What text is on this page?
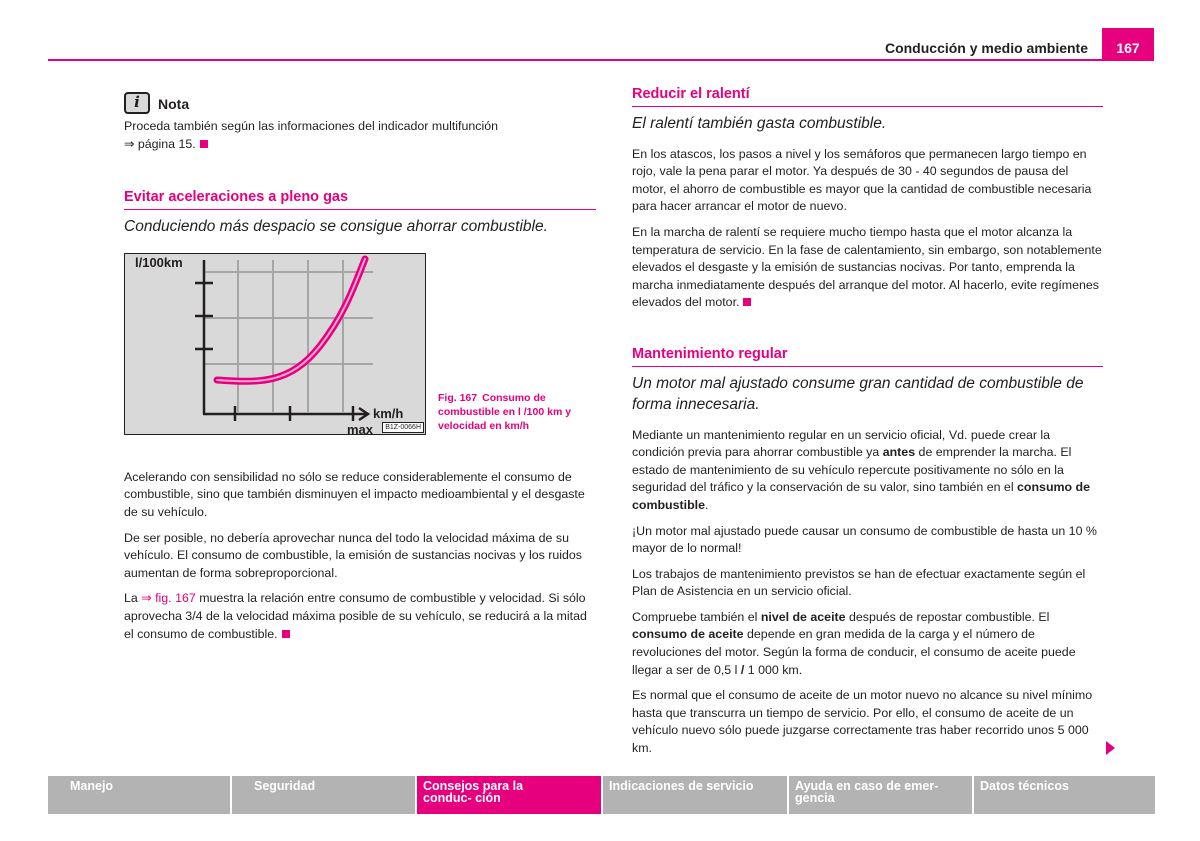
Conducción y medio ambiente	167
i	Nota
Proceda también según las informaciones del indicador multifunción
⇒ página 15.
Evitar aceleraciones a pleno gas
Conduciendo más despacio se consigue ahorrar combustible.
l/100km
km/h
max	B1Z-0066H
Fig. 167 Consumo de combustible en l /100 km y velocidad en km/h

Acelerando con sensibilidad no sólo se reduce considerablemente el consumo de combustible, sino que también disminuyen el impacto medioambiental y el desgaste de su vehículo.

De ser posible, no debería aprovechar nunca del todo la velocidad máxima de su vehículo. El consumo de combustible, la emisión de sustancias nocivas y los ruidos aumentan de forma sobreproporcional.

La ⇒ fig. 167 muestra la relación entre consumo de combustible y velocidad. Si sólo aprovecha 3/4 de la velocidad máxima posible de su vehículo, se reducirá a la mitad el consumo de combustible.

Reducir el ralentí
El ralentí también gasta combustible.

En los atascos, los pasos a nivel y los semáforos que permanecen largo tiempo en rojo, vale la pena parar el motor. Ya después de 30 - 40 segundos de pausa del motor, el ahorro de combustible es mayor que la cantidad de combustible necesaria para hacer arrancar el motor de nuevo.

En la marcha de ralentí se requiere mucho tiempo hasta que el motor alcanza la temperatura de servicio. En la fase de calentamiento, sin embargo, son notablemente elevados el desgaste y la emisión de sustancias nocivas. Por tanto, emprenda la marcha inmediatamente después del arranque del motor. Al hacerlo, evite regímenes elevados del motor.

Mantenimiento regular
Un motor mal ajustado consume gran cantidad de combustible de forma innecesaria.

Mediante un mantenimiento regular en un servicio oficial, Vd. puede crear la condición previa para ahorrar combustible ya antes de emprender la marcha. El estado de mantenimiento de su vehículo repercute positivamente no sólo en la seguridad del tráfico y la conservación de su valor, sino también en el consumo de combustible.

¡Un motor mal ajustado puede causar un consumo de combustible de hasta un 10 % mayor de lo normal!

Los trabajos de mantenimiento previstos se han de efectuar exactamente según el Plan de Asistencia en un servicio oficial.

Compruebe también el nivel de aceite después de repostar combustible. El consumo de aceite depende en gran medida de la carga y el número de revoluciones del motor. Según la forma de conducir, el consumo de aceite puede llegar a ser de 0,5 l / 1 000 km.

Es normal que el consumo de aceite de un motor nuevo no alcance su nivel mínimo hasta que transcurra un tiempo de servicio. Por ello, el consumo de aceite de un vehículo nuevo sólo puede juzgarse correctamente tras haber recorrido unos 5 000 km.

Manejo	Seguridad	Consejos para la conduc- ción
Indicaciones de servicio	Ayuda en caso de emer- gencia
Datos técnicos
